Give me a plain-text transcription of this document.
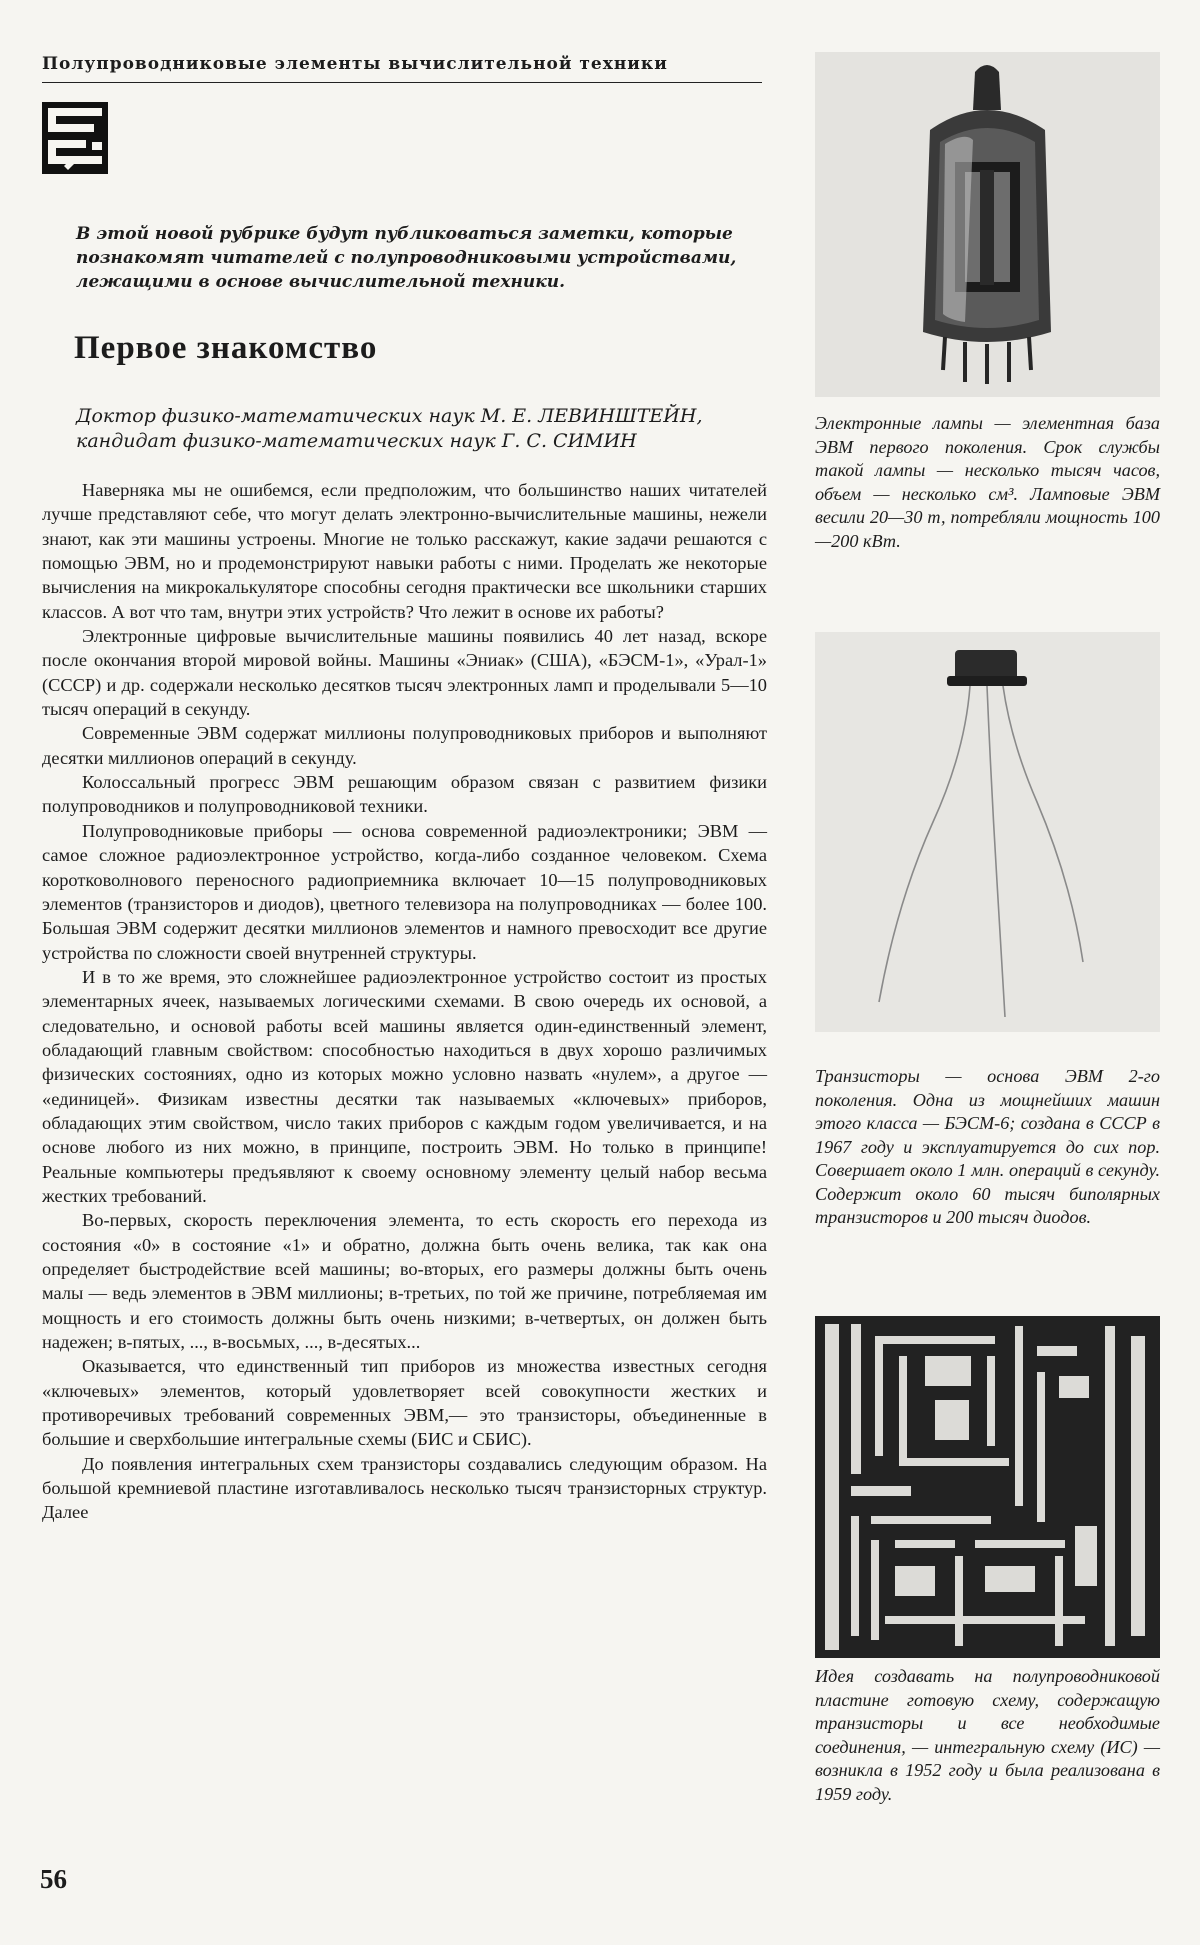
Полупроводниковые элементы вычислительной техники
В этой новой рубрике будут публиковаться заметки, которые познакомят читателей с полупроводниковыми устройствами, лежащими в основе вычислительной техники.
Первое знакомство
Доктор физико-математических наук М. Е. ЛЕВИНШТЕЙН,
кандидат физико-математических наук Г. С. СИМИН

Наверняка мы не ошибемся, если предположим, что большинство наших читателей лучше представляют себе, что могут делать электронно-вычислительные машины, нежели знают, как эти машины устроены. Многие не только расскажут, какие задачи решаются с помощью ЭВМ, но и продемонстрируют навыки работы с ними. Проделать же некоторые вычисления на микрокалькуляторе способны сегодня практически все школьники старших классов. А вот что там, внутри этих устройств? Что лежит в основе их работы?

Электронные цифровые вычислительные машины появились 40 лет назад, вскоре после окончания второй мировой войны. Машины «Эниак» (США), «БЭСМ-1», «Урал-1» (СССР) и др. содержали несколько десятков тысяч электронных ламп и проделывали 5—10 тысяч операций в секунду.

Современные ЭВМ содержат миллионы полупроводниковых приборов и выполняют десятки миллионов операций в секунду.

Колоссальный прогресс ЭВМ решающим образом связан с развитием физики полупроводников и полупроводниковой техники.

Полупроводниковые приборы — основа современной радиоэлектроники; ЭВМ — самое сложное радиоэлектронное устройство, когда-либо созданное человеком. Схема коротковолнового переносного радиоприемника включает 10—15 полупроводниковых элементов (транзисторов и диодов), цветного телевизора на полупроводниках — более 100. Большая ЭВМ содержит десятки миллионов элементов и намного превосходит все другие устройства по сложности своей внутренней структуры.

И в то же время, это сложнейшее радиоэлектронное устройство состоит из простых элементарных ячеек, называемых логическими схемами. В свою очередь их основой, а следовательно, и основой работы всей машины является один-единственный элемент, обладающий главным свойством: способностью находиться в двух хорошо различимых физических состояниях, одно из которых можно условно назвать «нулем», а другое — «единицей». Физикам известны десятки так называемых «ключевых» приборов, обладающих этим свойством, число таких приборов с каждым годом увеличивается, и на основе любого из них можно, в принципе, построить ЭВМ. Но только в принципе! Реальные компьютеры предъявляют к своему основному элементу целый набор весьма жестких требований.

Во-первых, скорость переключения элемента, то есть скорость его перехода из состояния «0» в состояние «1» и обратно, должна быть очень велика, так как она определяет быстродействие всей машины; во-вторых, его размеры должны быть очень малы — ведь элементов в ЭВМ миллионы; в-третьих, по той же причине, потребляемая им мощность и его стоимость должны быть очень низкими; в-четвертых, он должен быть надежен; в-пятых, ..., в-восьмых, ..., в-десятых...

Оказывается, что единственный тип приборов из множества известных сегодня «ключевых» элементов, который удовлетворяет всей совокупности жестких и противоречивых требований современных ЭВМ,— это транзисторы, объединенные в большие и сверхбольшие интегральные схемы (БИС и СБИС).

До появления интегральных схем транзисторы создавались следующим образом. На большой кремниевой пластине изготавливалось несколько тысяч транзисторных структур. Далее

56
Электронные лампы — элементная база ЭВМ первого поколения. Срок службы такой лампы — несколько тысяч часов, объем — несколько см³. Ламповые ЭВМ весили 20—30 т, потребляли мощность 100—200 кВт.
Транзисторы — основа ЭВМ 2-го поколения. Одна из мощнейших машин этого класса — БЭСМ-6; создана в СССР в 1967 году и эксплуатируется до сих пор. Совершает около 1 млн. операций в секунду. Содержит около 60 тысяч биполярных транзисторов и 200 тысяч диодов.
Идея создавать на полупроводниковой пластине готовую схему, содержащую транзисторы и все необходимые соединения, — интегральную схему (ИС) — возникла в 1952 году и была реализована в 1959 году.
